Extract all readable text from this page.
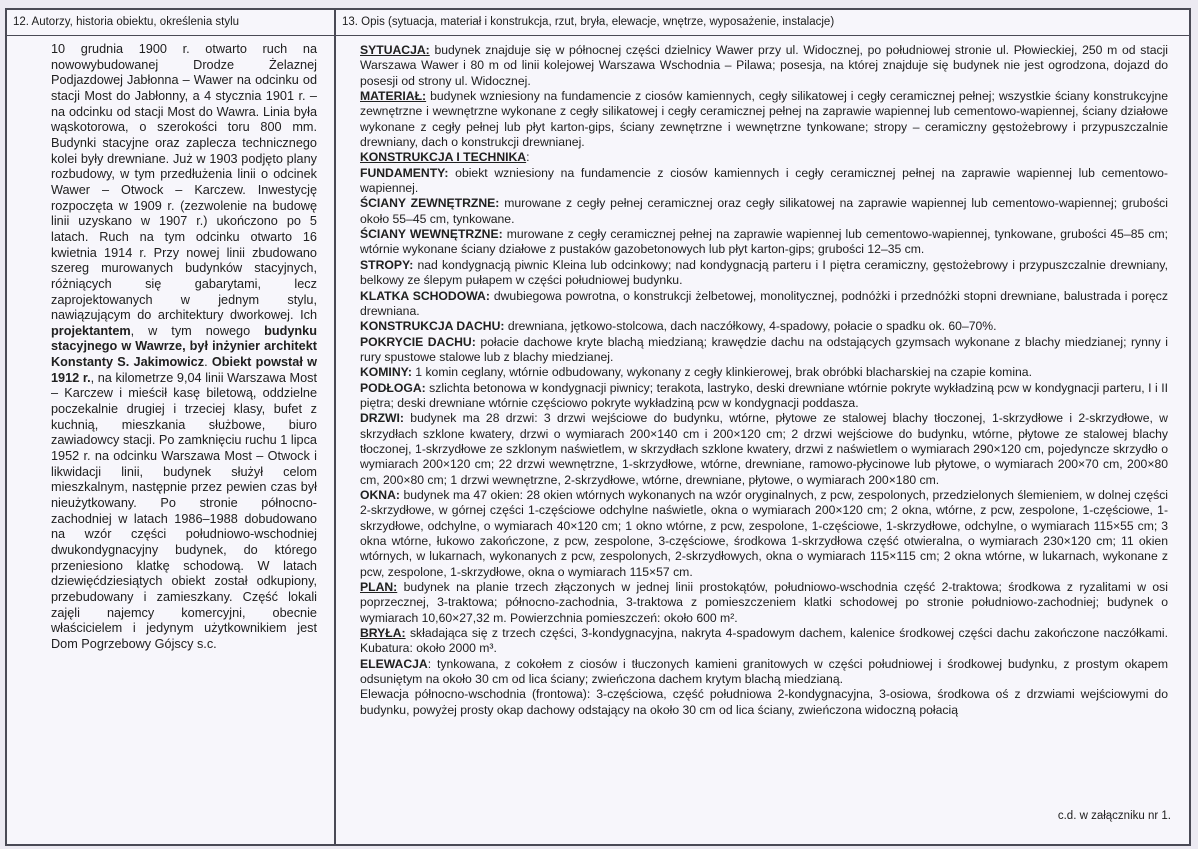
12. Autorzy, historia obiektu, określenia stylu

10 grudnia 1900 r. otwarto ruch na nowowybudowanej Drodze Żelaznej Podjazdowej Jabłonna – Wawer na odcinku od stacji Most do Jabłonny, a 4 stycznia 1901 r. – na odcinku od stacji Most do Wawra. Linia była wąskotorowa, o szerokości toru 800 mm. Budynki stacyjne oraz zaplecza technicznego kolei były drewniane. Już w 1903 podjęto plany rozbudowy, w tym przedłużenia linii o odcinek Wawer – Otwock – Karczew. Inwestycję rozpoczęta w 1909 r. (zezwolenie na budowę linii uzyskano w 1907 r.) ukończono po 5 latach. Ruch na tym odcinku otwarto 16 kwietnia 1914 r. Przy nowej linii zbudowano szereg murowanych budynków stacyjnych, różniących się gabarytami, lecz zaprojektowanych w jednym stylu, nawiązującym do architektury dworkowej. Ich projektantem, w tym nowego budynku stacyjnego w Wawrze, był inżynier architekt Konstanty S. Jakimowicz. Obiekt powstał w 1912 r., na kilometrze 9,04 linii Warszawa Most – Karczew i mieścił kasę biletową, oddzielne poczekalnie drugiej i trzeciej klasy, bufet z kuchnią, mieszkania służbowe, biuro zawiadowcy stacji. Po zamknięciu ruchu 1 lipca 1952 r. na odcinku Warszawa Most – Otwock i likwidacji linii, budynek służył celom mieszkalnym, następnie przez pewien czas był nieużytkowany. Po stronie północno-zachodniej w latach 1986–1988 dobudowano na wzór części południowo-wschodniej dwukondygnacyjny budynek, do którego przeniesiono klatkę schodową. W latach dziewięćdziesiątych obiekt został odkupiony, przebudowany i zamieszkany. Część lokali zajęli najemcy komercyjni, obecnie właścicielem i jedynym użytkownikiem jest Dom Pogrzebowy Gójscy s.c.

13. Opis (sytuacja, materiał i konstrukcja, rzut, bryła, elewacje, wnętrze, wyposażenie, instalacje)

SYTUACJA: budynek znajduje się w północnej części dzielnicy Wawer przy ul. Widocznej, po południowej stronie ul. Płowieckiej, 250 m od stacji Warszawa Wawer i 80 m od linii kolejowej Warszawa Wschodnia – Pilawa; posesja, na której znajduje się budynek nie jest ogrodzona, dojazd do posesji od strony ul. Widocznej.

MATERIAŁ: budynek wzniesiony na fundamencie z ciosów kamiennych, cegły silikatowej i cegły ceramicznej pełnej; wszystkie ściany konstrukcyjne zewnętrzne i wewnętrzne wykonane z cegły silikatowej i cegły ceramicznej pełnej na zaprawie wapiennej lub cementowo-wapiennej, ściany działowe wykonane z cegły pełnej lub płyt karton-gips, ściany zewnętrzne i wewnętrzne tynkowane; stropy – ceramiczny gęstożebrowy i przypuszczalnie drewniany, dach o konstrukcji drewnianej.

KONSTRUKCJA I TECHNIKA:

FUNDAMENTY: obiekt wzniesiony na fundamencie z ciosów kamiennych i cegły ceramicznej pełnej na zaprawie wapiennej lub cementowo-wapiennej.

ŚCIANY ZEWNĘTRZNE: murowane z cegły pełnej ceramicznej oraz cegły silikatowej na zaprawie wapiennej lub cementowo-wapiennej; grubości około 55–45 cm, tynkowane.

ŚCIANY WEWNĘTRZNE: murowane z cegły ceramicznej pełnej na zaprawie wapiennej lub cementowo-wapiennej, tynkowane, grubości 45–85 cm; wtórnie wykonane ściany działowe z pustaków gazobetonowych lub płyt karton-gips; grubości 12–35 cm.

STROPY: nad kondygnacją piwnic Kleina lub odcinkowy; nad kondygnacją parteru i I piętra ceramiczny, gęstożebrowy i przypuszczalnie drewniany, belkowy ze ślepym pułapem w części południowej budynku.

KLATKA SCHODOWA: dwubiegowa powrotna, o konstrukcji żelbetowej, monolitycznej, podnóżki i przednóżki stopni drewniane, balustrada i poręcz drewniana.

KONSTRUKCJA DACHU: drewniana, jętkowo-stolcowa, dach naczółkowy, 4-spadowy, połacie o spadku ok. 60–70%.

POKRYCIE DACHU: połacie dachowe kryte blachą miedzianą; krawędzie dachu na odstających gzymsach wykonane z blachy miedzianej; rynny i rury spustowe stalowe lub z blachy miedzianej.

KOMINY: 1 komin ceglany, wtórnie odbudowany, wykonany z cegły klinkierowej, brak obróbki blacharskiej na czapie komina.

PODŁOGA: szlichta betonowa w kondygnacji piwnicy; terakota, lastryko, deski drewniane wtórnie pokryte wykładziną pcw w kondygnacji parteru, I i II piętra; deski drewniane wtórnie częściowo pokryte wykładziną pcw w kondygnacji poddasza.

DRZWI: budynek ma 28 drzwi: 3 drzwi wejściowe do budynku, wtórne, płytowe ze stalowej blachy tłoczonej, 1-skrzydłowe i 2-skrzydłowe, w skrzydłach szklone kwatery, drzwi o wymiarach 200×140 cm i 200×120 cm; 2 drzwi wejściowe do budynku, wtórne, płytowe ze stalowej blachy tłoczonej, 1-skrzydłowe ze szklonym naświetlem, w skrzydłach szklone kwatery, drzwi z naświetlem o wymiarach 290×120 cm, pojedyncze skrzydło o wymiarach 200×120 cm; 22 drzwi wewnętrzne, 1-skrzydłowe, wtórne, drewniane, ramowo-płycinowe lub płytowe, o wymiarach 200×70 cm, 200×80 cm, 200×80 cm; 1 drzwi wewnętrzne, 2-skrzydłowe, wtórne, drewniane, płytowe, o wymiarach 200×180 cm.

OKNA: budynek ma 47 okien: 28 okien wtórnych wykonanych na wzór oryginalnych, z pcw, zespolonych, przedzielonych ślemieniem, w dolnej części 2-skrzydłowe, w górnej części 1-częściowe odchylne naświetle, okna o wymiarach 200×120 cm; 2 okna, wtórne, z pcw, zespolone, 1-częściowe, 1-skrzydłowe, odchylne, o wymiarach 40×120 cm; 1 okno wtórne, z pcw, zespolone, 1-częściowe, 1-skrzydłowe, odchylne, o wymiarach 115×55 cm; 3 okna wtórne, łukowo zakończone, z pcw, zespolone, 3-częściowe, środkowa 1-skrzydłowa część otwieralna, o wymiarach 230×120 cm; 11 okien wtórnych, w lukarnach, wykonanych z pcw, zespolonych, 2-skrzydłowych, okna o wymiarach 115×115 cm; 2 okna wtórne, w lukarnach, wykonane z pcw, zespolone, 1-skrzydłowe, okna o wymiarach 115×57 cm.

PLAN: budynek na planie trzech złączonych w jednej linii prostokątów, południowo-wschodnia część 2-traktowa; środkowa z ryzalitami w osi poprzecznej, 3-traktowa; północno-zachodnia, 3-traktowa z pomieszczeniem klatki schodowej po stronie południowo-zachodniej; budynek o wymiarach 10,60×27,32 m. Powierzchnia pomieszczeń: około 600 m².

BRYŁA: składająca się z trzech części, 3-kondygnacyjna, nakryta 4-spadowym dachem, kalenice środkowej części dachu zakończone naczółkami. Kubatura: około 2000 m³.

ELEWACJA: tynkowana, z cokołem z ciosów i tłuczonych kamieni granitowych w części południowej i środkowej budynku, z prostym okapem odsuniętym na około 30 cm od lica ściany; zwieńczona dachem krytym blachą miedzianą.

Elewacja północno-wschodnia (frontowa): 3-częściowa, część południowa 2-kondygnacyjna, 3-osiowa, środkowa oś z drzwiami wejściowymi do budynku, powyżej prosty okap dachowy odstający na około 30 cm od lica ściany, zwieńczona widoczną połacią

c.d. w załączniku nr 1.
